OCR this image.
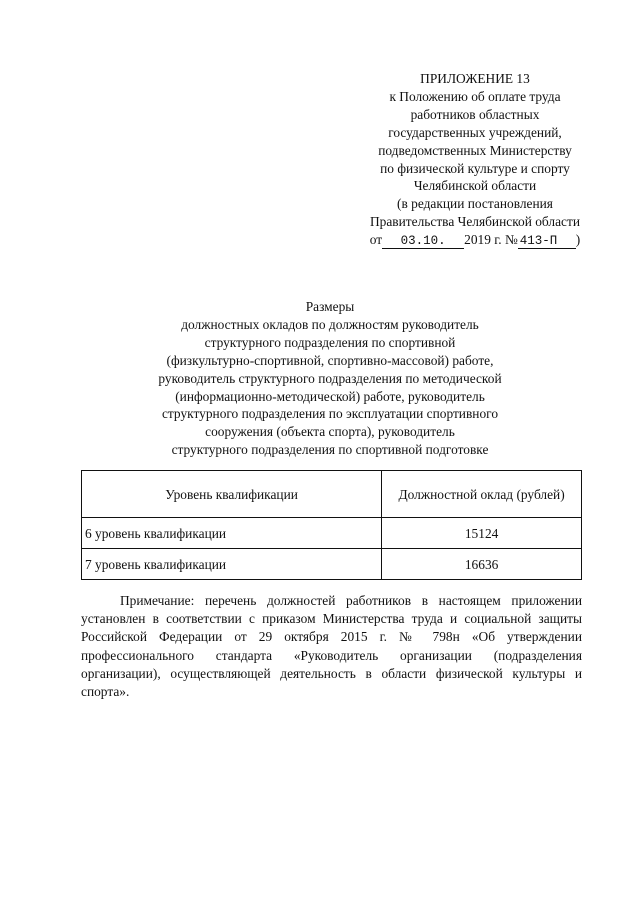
ПРИЛОЖЕНИЕ 13
к Положению об оплате труда
работников областных
государственных учреждений,
подведомственных Министерству
по физической культуре и спорту
Челябинской области
(в редакции постановления
Правительства Челябинской области
от 03.10. 2019 г. № 413-П )
Размеры
должностных окладов по должностям руководитель
структурного подразделения по спортивной
(физкультурно-спортивной, спортивно-массовой) работе,
руководитель структурного подразделения по методической
(информационно-методической) работе, руководитель
структурного подразделения по эксплуатации спортивного
сооружения (объекта спорта), руководитель
структурного подразделения по спортивной подготовке
Уровень квалификации	Должностной оклад (рублей)
6 уровень квалификации	15124
7 уровень квалификации	16636
Примечание: перечень должностей работников в настоящем приложении установлен в соответствии с приказом Министерства труда и социальной защиты Российской Федерации от 29 октября 2015 г. № 798н «Об утверждении профессионального стандарта «Руководитель организации (подразделения организации), осуществляющей деятельность в области физической культуры и спорта».
